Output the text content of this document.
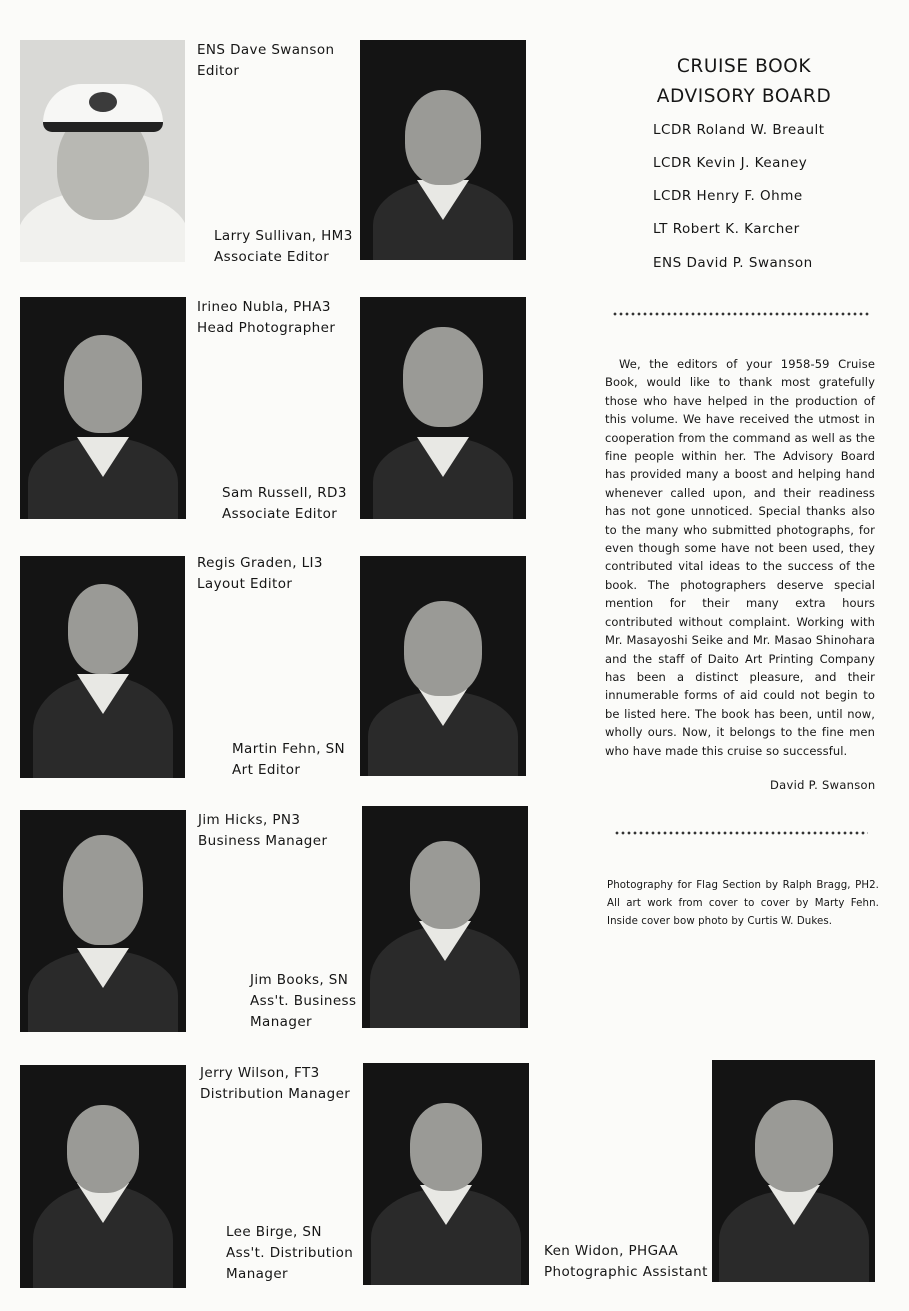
ENS Dave Swanson
Editor
Larry Sullivan, HM3
Associate Editor
Irineo Nubla, PHA3
Head Photographer
Sam Russell, RD3
Associate Editor
Regis Graden, LI3
Layout Editor
Martin Fehn, SN
Art Editor
Jim Hicks, PN3
Business Manager
Jim Books, SN
Ass't. Business
Manager
Jerry Wilson, FT3
Distribution Manager
Lee Birge, SN
Ass't. Distribution
Manager
Ken Widon, PHGAA
Photographic Assistant
CRUISE BOOK
ADVISORY BOARD
LCDR Roland W. Breault
LCDR Kevin J. Keaney
LCDR Henry F. Ohme
LT Robert K. Karcher
ENS David P. Swanson
We, the editors of your 1958-59 Cruise Book, would like to thank most gratefully those who have helped in the production of this volume. We have received the utmost in cooperation from the command as well as the fine people within her. The Advisory Board has provided many a boost and helping hand whenever called upon, and their readiness has not gone unnoticed. Special thanks also to the many who submitted photographs, for even though some have not been used, they contributed vital ideas to the success of the book. The photographers deserve special mention for their many extra hours contributed without complaint. Working with Mr. Masayoshi Seike and Mr. Masao Shinohara and the staff of Daito Art Printing Company has been a distinct pleasure, and their innumerable forms of aid could not begin to be listed here. The book has been, until now, wholly ours. Now, it belongs to the fine men who have made this cruise so successful.
David P. Swanson
Photography for Flag Section by Ralph Bragg, PH2. All art work from cover to cover by Marty Fehn. Inside cover bow photo by Curtis W. Dukes.
